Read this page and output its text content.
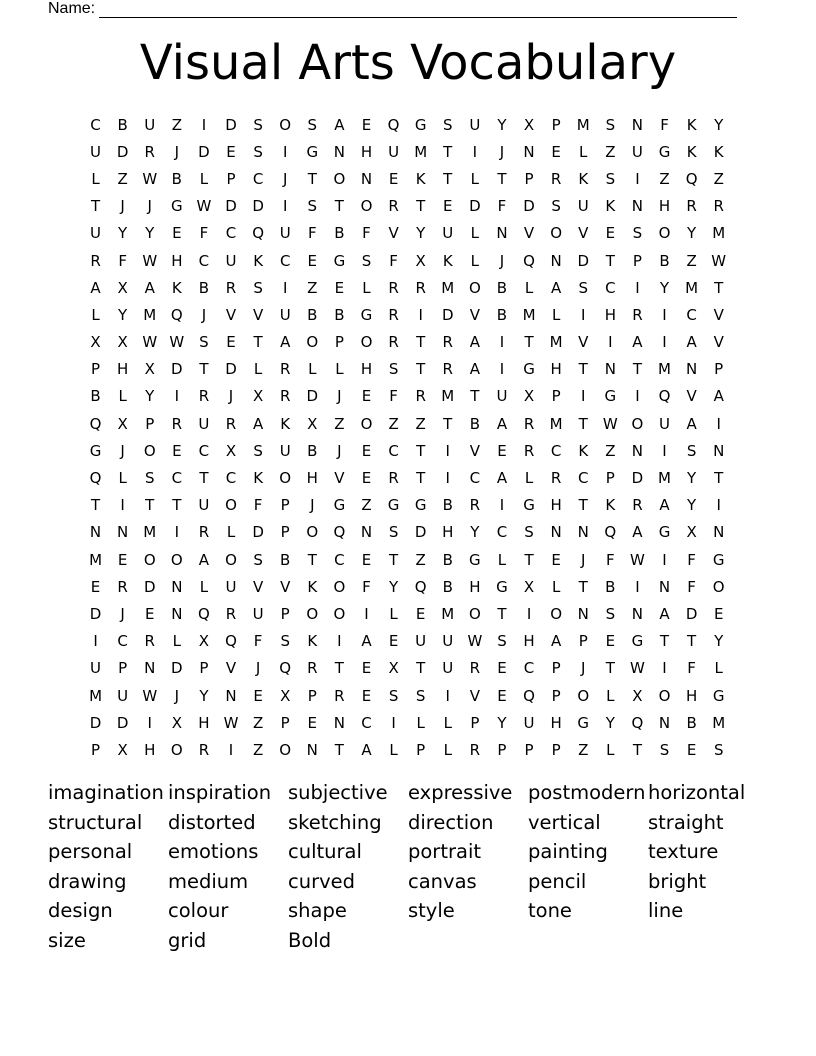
Name:
Visual Arts Vocabulary
C	B	U	Z	I	D	S	O	S	A	E	Q	G	S	U	Y	X	P	M	S	N	F	K	Y
U	D	R	J	D	E	S	I	G	N	H	U	M	T	I	J	N	E	L	Z	U	G	K	K
L	Z W B	L	P	C	J	T	O	N	E	K	T	L	T	P	R	K	S	I	Z	Q	Z
T	J	J	G W D	D	I	S	T	O	R	T	E	D	F	D	S	U	K	N	H	R	R
U	Y	Y	E	F	C	Q	U	F	B	F	V	Y	U	L	N	V	O	V	E	S	O	Y	M
R	F	W H	C	U	K	C	E	G	S	F	X	K	L	J	Q	N	D	T	P	B	Z W
A	X	A	K	B	R	S	I	Z	E	L	R	R	M O	B	L	A	S	C	I	Y	M	T
L	Y	M Q	J	V	V	U	B	B	G	R	I	D	V	B	M	L	I	H	R	I	C	V
X	X W W S	E	T	A	O	P	O	R	T	R	A	I	T	M	V	I	A	I	A	V
P	H	X	D	T	D	L	R	L	L	H	S	T	R	A	I	G	H	T	N	T	M	N	P
B	L	Y	I	R	J	X	R	D	J	E	F	R	M	T	U	X	P	I	G	I	Q	V	A
Q	X	P	R	U	R	A	K	X	Z	O	Z	Z	T	B	A	R	M	T	W O	U	A	I
G	J	O	E	C	X	S	U	B	J	E	C	T	I	V	E	R	C	K	Z	N	I	S	N
Q	L	S	C	T	C	K	O	H	V	E	R	T	I	C	A	L	R	C	P	D M	Y	T
T	I	T	T	U	O	F	P	J	G	Z	G	G	B	R	I	G	H	T	K	R	A	Y	I
N	N	M	I	R	L	D	P	O	Q	N	S	D	H	Y	C	S	N	N	Q	A	G	X	N
M	E	O	O	A	O	S	B	T	C	E	T	Z	B	G	L	T	E	J	F	W	I	F	G
E	R	D	N	L	U	V	V	K	O	F	Y	Q	B	H	G	X	L	T	B	I	N	F	O
D	J	E	N	Q	R	U	P	O	O	I	L	E	M O	T	I	O	N	S	N	A	D	E
I	C	R	L	X	Q	F	S	K	I	A	E	U	U W S	H	A	P	E	G	T	T	Y
U	P	N	D	P	V	J	Q	R	T	E	X	T	U	R	E	C	P	J	T	W	I	F	L
M	U W	J	Y	N	E	X	P	R	E	S	S	I	V	E	Q	P	O	L	X	O	H	G
D	D	I	X	H W Z	P	E	N	C	I	L	L	P	Y	U	H	G	Y	Q	N	B	M
P	X	H	O	R	I	Z	O	N	T	A	L	P	L	R	P	P	P	Z	L	T	S	E	S
imagination inspiration subjective	expressive postmodern horizontal
structural	distorted	sketching	direction	vertical	straight
personal	emotions	cultural	portrait	painting	texture
drawing	medium	curved	canvas	pencil	bright
design	colour	shape	style	tone	line
size	grid	Bold
